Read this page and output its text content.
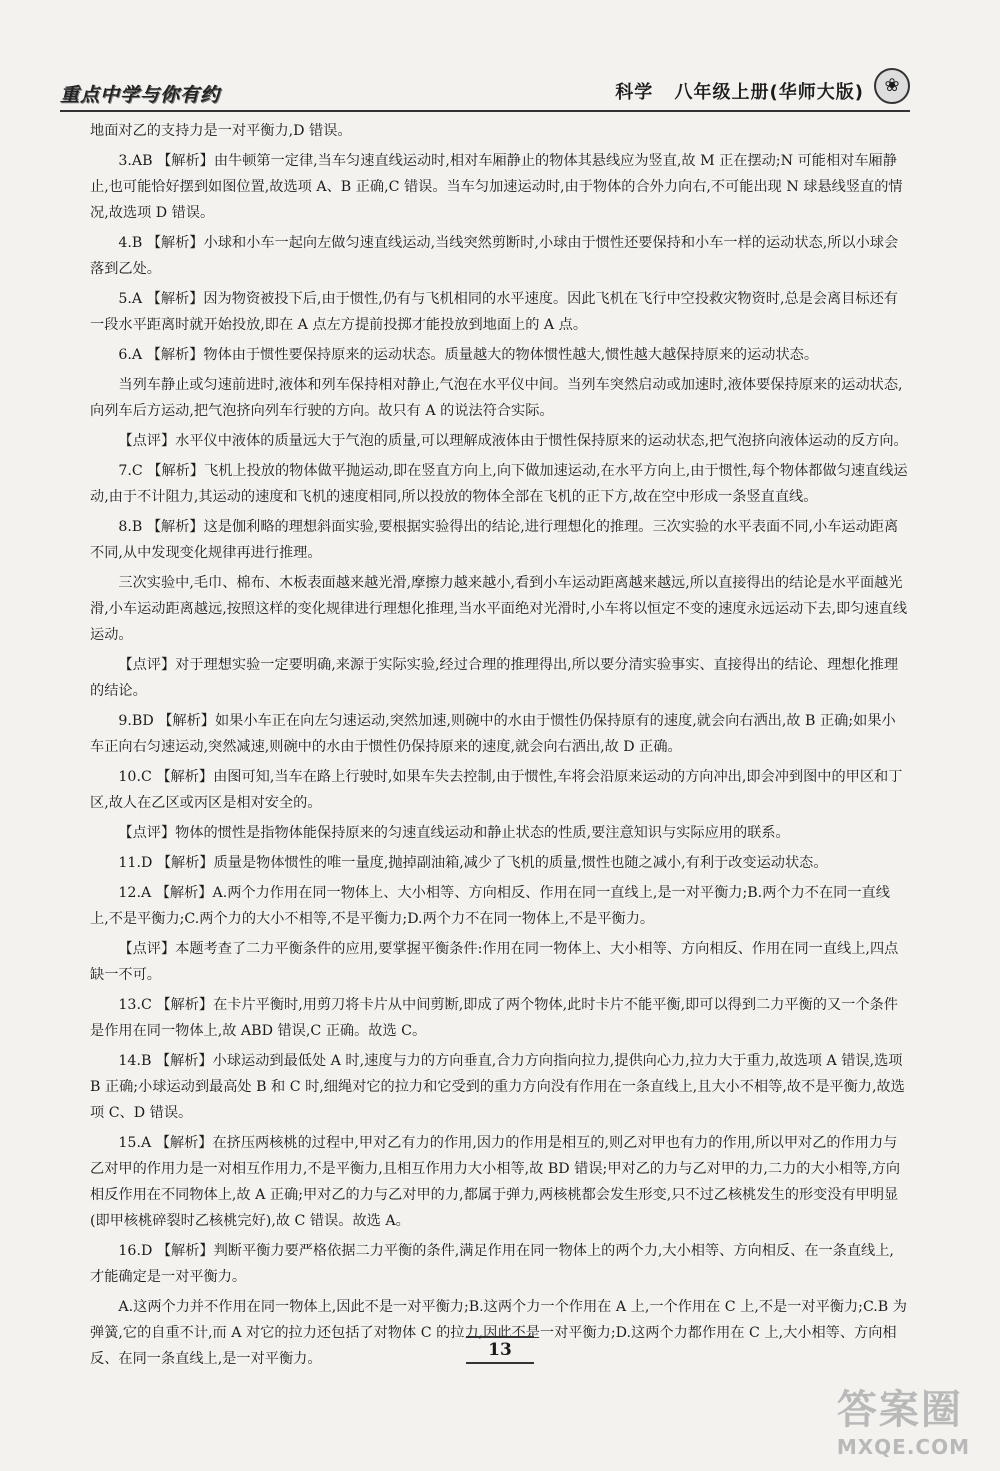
重点中学与你有约	科学 八年级上册(华师大版)	❀

地面对乙的支持力是一对平衡力,D 错误。

3.AB 【解析】由牛顿第一定律,当车匀速直线运动时,相对车厢静止的物体其悬线应为竖直,故 M 正在摆动;N 可能相对车厢静止,也可能恰好摆到如图位置,故选项 A、B 正确,C 错误。当车匀加速运动时,由于物体的合外力向右,不可能出现 N 球悬线竖直的情况,故选项 D 错误。

4.B 【解析】小球和小车一起向左做匀速直线运动,当线突然剪断时,小球由于惯性还要保持和小车一样的运动状态,所以小球会落到乙处。

5.A 【解析】因为物资被投下后,由于惯性,仍有与飞机相同的水平速度。因此飞机在飞行中空投救灾物资时,总是会离目标还有一段水平距离时就开始投放,即在 A 点左方提前投掷才能投放到地面上的 A 点。

6.A 【解析】物体由于惯性要保持原来的运动状态。质量越大的物体惯性越大,惯性越大越保持原来的运动状态。

当列车静止或匀速前进时,液体和列车保持相对静止,气泡在水平仪中间。当列车突然启动或加速时,液体要保持原来的运动状态,向列车后方运动,把气泡挤向列车行驶的方向。故只有 A 的说法符合实际。

【点评】水平仪中液体的质量远大于气泡的质量,可以理解成液体由于惯性保持原来的运动状态,把气泡挤向液体运动的反方向。

7.C 【解析】飞机上投放的物体做平抛运动,即在竖直方向上,向下做加速运动,在水平方向上,由于惯性,每个物体都做匀速直线运动,由于不计阻力,其运动的速度和飞机的速度相同,所以投放的物体全部在飞机的正下方,故在空中形成一条竖直直线。

8.B 【解析】这是伽利略的理想斜面实验,要根据实验得出的结论,进行理想化的推理。三次实验的水平表面不同,小车运动距离不同,从中发现变化规律再进行推理。

三次实验中,毛巾、棉布、木板表面越来越光滑,摩擦力越来越小,看到小车运动距离越来越远,所以直接得出的结论是水平面越光滑,小车运动距离越远,按照这样的变化规律进行理想化推理,当水平面绝对光滑时,小车将以恒定不变的速度永远运动下去,即匀速直线运动。

【点评】对于理想实验一定要明确,来源于实际实验,经过合理的推理得出,所以要分清实验事实、直接得出的结论、理想化推理的结论。

9.BD 【解析】如果小车正在向左匀速运动,突然加速,则碗中的水由于惯性仍保持原有的速度,就会向右洒出,故 B 正确;如果小车正向右匀速运动,突然减速,则碗中的水由于惯性仍保持原来的速度,就会向右洒出,故 D 正确。

10.C 【解析】由图可知,当车在路上行驶时,如果车失去控制,由于惯性,车将会沿原来运动的方向冲出,即会冲到图中的甲区和丁区,故人在乙区或丙区是相对安全的。

【点评】物体的惯性是指物体能保持原来的匀速直线运动和静止状态的性质,要注意知识与实际应用的联系。

11.D 【解析】质量是物体惯性的唯一量度,抛掉副油箱,减少了飞机的质量,惯性也随之减小,有利于改变运动状态。

12.A 【解析】A.两个力作用在同一物体上、大小相等、方向相反、作用在同一直线上,是一对平衡力;B.两个力不在同一直线上,不是平衡力;C.两个力的大小不相等,不是平衡力;D.两个力不在同一物体上,不是平衡力。

【点评】本题考查了二力平衡条件的应用,要掌握平衡条件:作用在同一物体上、大小相等、方向相反、作用在同一直线上,四点缺一不可。

13.C 【解析】在卡片平衡时,用剪刀将卡片从中间剪断,即成了两个物体,此时卡片不能平衡,即可以得到二力平衡的又一个条件是作用在同一物体上,故 ABD 错误,C 正确。故选 C。

14.B 【解析】小球运动到最低处 A 时,速度与力的方向垂直,合力方向指向拉力,提供向心力,拉力大于重力,故选项 A 错误,选项 B 正确;小球运动到最高处 B 和 C 时,细绳对它的拉力和它受到的重力方向没有作用在一条直线上,且大小不相等,故不是平衡力,故选项 C、D 错误。

15.A 【解析】在挤压两核桃的过程中,甲对乙有力的作用,因力的作用是相互的,则乙对甲也有力的作用,所以甲对乙的作用力与乙对甲的作用力是一对相互作用力,不是平衡力,且相互作用力大小相等,故 BD 错误;甲对乙的力与乙对甲的力,二力的大小相等,方向相反作用在不同物体上,故 A 正确;甲对乙的力与乙对甲的力,都属于弹力,两核桃都会发生形变,只不过乙核桃发生的形变没有甲明显(即甲核桃碎裂时乙核桃完好),故 C 错误。故选 A。

16.D 【解析】判断平衡力要严格依据二力平衡的条件,满足作用在同一物体上的两个力,大小相等、方向相反、在一条直线上,才能确定是一对平衡力。

A.这两个力并不作用在同一物体上,因此不是一对平衡力;B.这两个力一个作用在 A 上,一个作用在 C 上,不是一对平衡力;C.B 为弹簧,它的自重不计,而 A 对它的拉力还包括了对物体 C 的拉力,因此不是一对平衡力;D.这两个力都作用在 C 上,大小相等、方向相反、在同一条直线上,是一对平衡力。	13
答案圈
MXQE.COM
